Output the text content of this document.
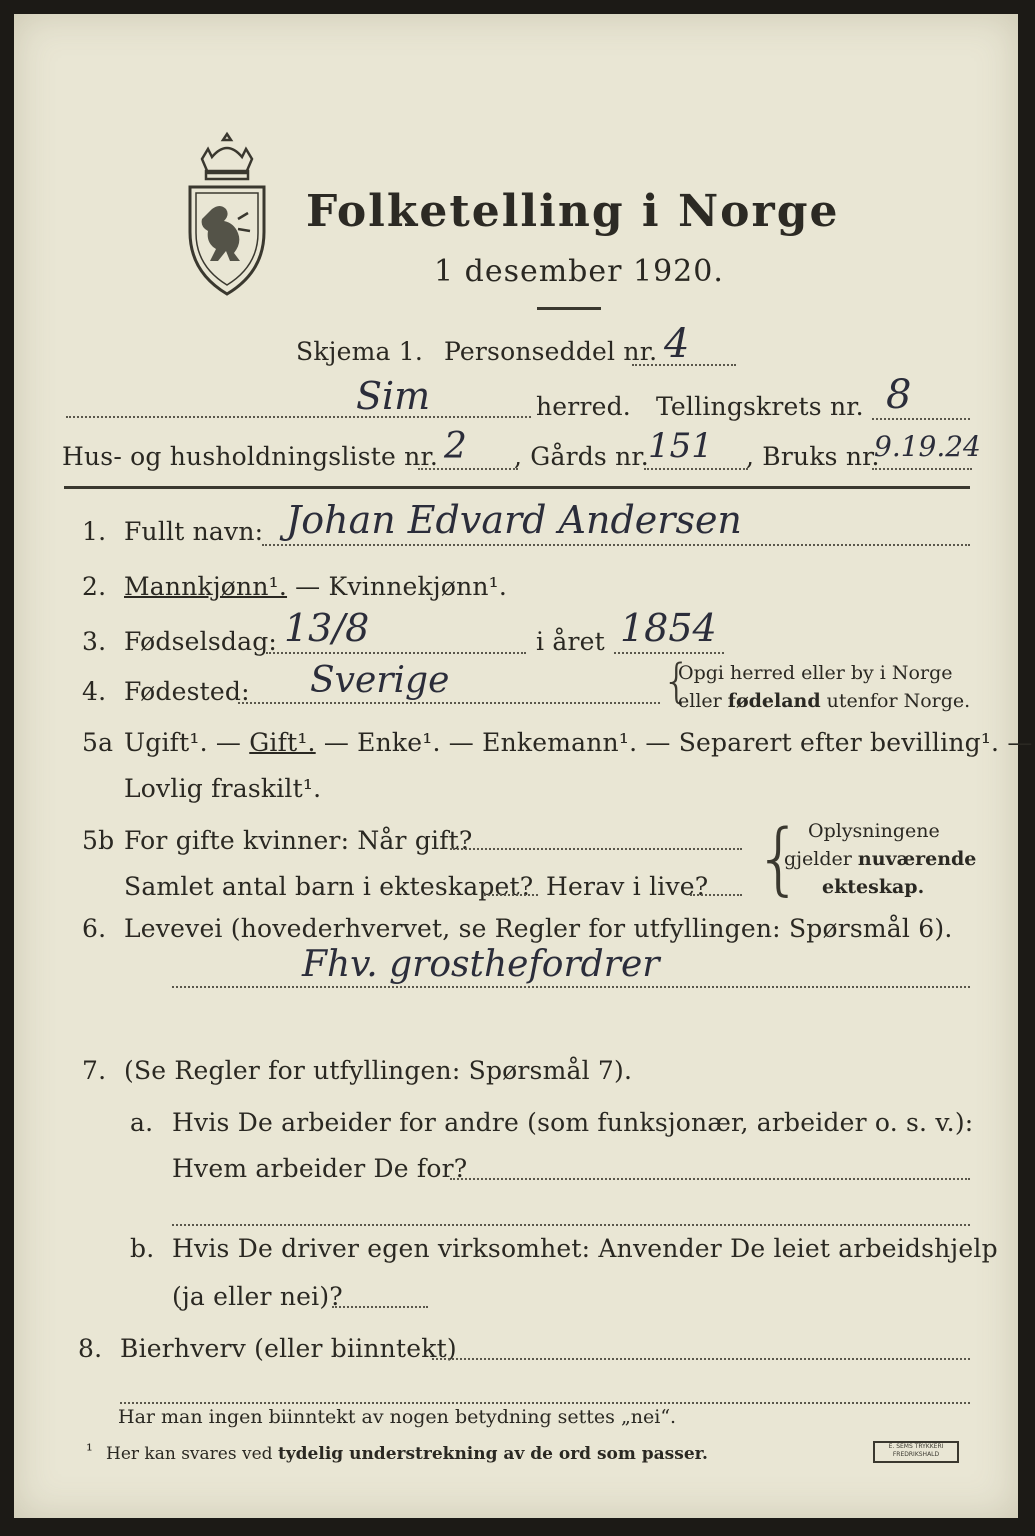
Folketelling i Norge
1 desember 1920.
Skjema 1. Personseddel nr. 4
Sim	herred. Tellingskrets nr. 8
Hus- og husholdningsliste nr. 2 , Gårds nr. 151 , Bruks nr.
9.19.24
1. Fullt navn: Johan Edvard Andersen
2. Mannkjønn¹. — Kvinnekjønn¹.
3. Fødselsdag: 13/8	i året 1854
4. Fødested: Sverige	{
Opgi herred eller by i Norge
eller fødeland utenfor Norge.
5a Ugift¹. — Gift¹. — Enke¹. — Enkemann¹. — Separert efter bevilling¹. —
Lovlig fraskilt¹.
5b For gifte kvinner: Når gift?
Samlet antal barn i ekteskapet? Herav i live? { Oplysningene
gjelder nuværende
ekteskap.
6. Levevei (hovederhvervet, se Regler for utfyllingen: Spørsmål 6).
Fhv. grosthefordrer
7. (Se Regler for utfyllingen: Spørsmål 7).
a. Hvis De arbeider for andre (som funksjonær, arbeider o. s. v.):
Hvem arbeider De for?
b. Hvis De driver egen virksomhet: Anvender De leiet arbeidshjelp
(ja eller nei)?
8. Bierhverv (eller biinntekt)
Har man ingen biinntekt av nogen betydning settes „nei“.
¹ Her kan svares ved tydelig understrekning av de ord som passer.	E. SEMS TRYKKERI
FREDRIKSHALD
